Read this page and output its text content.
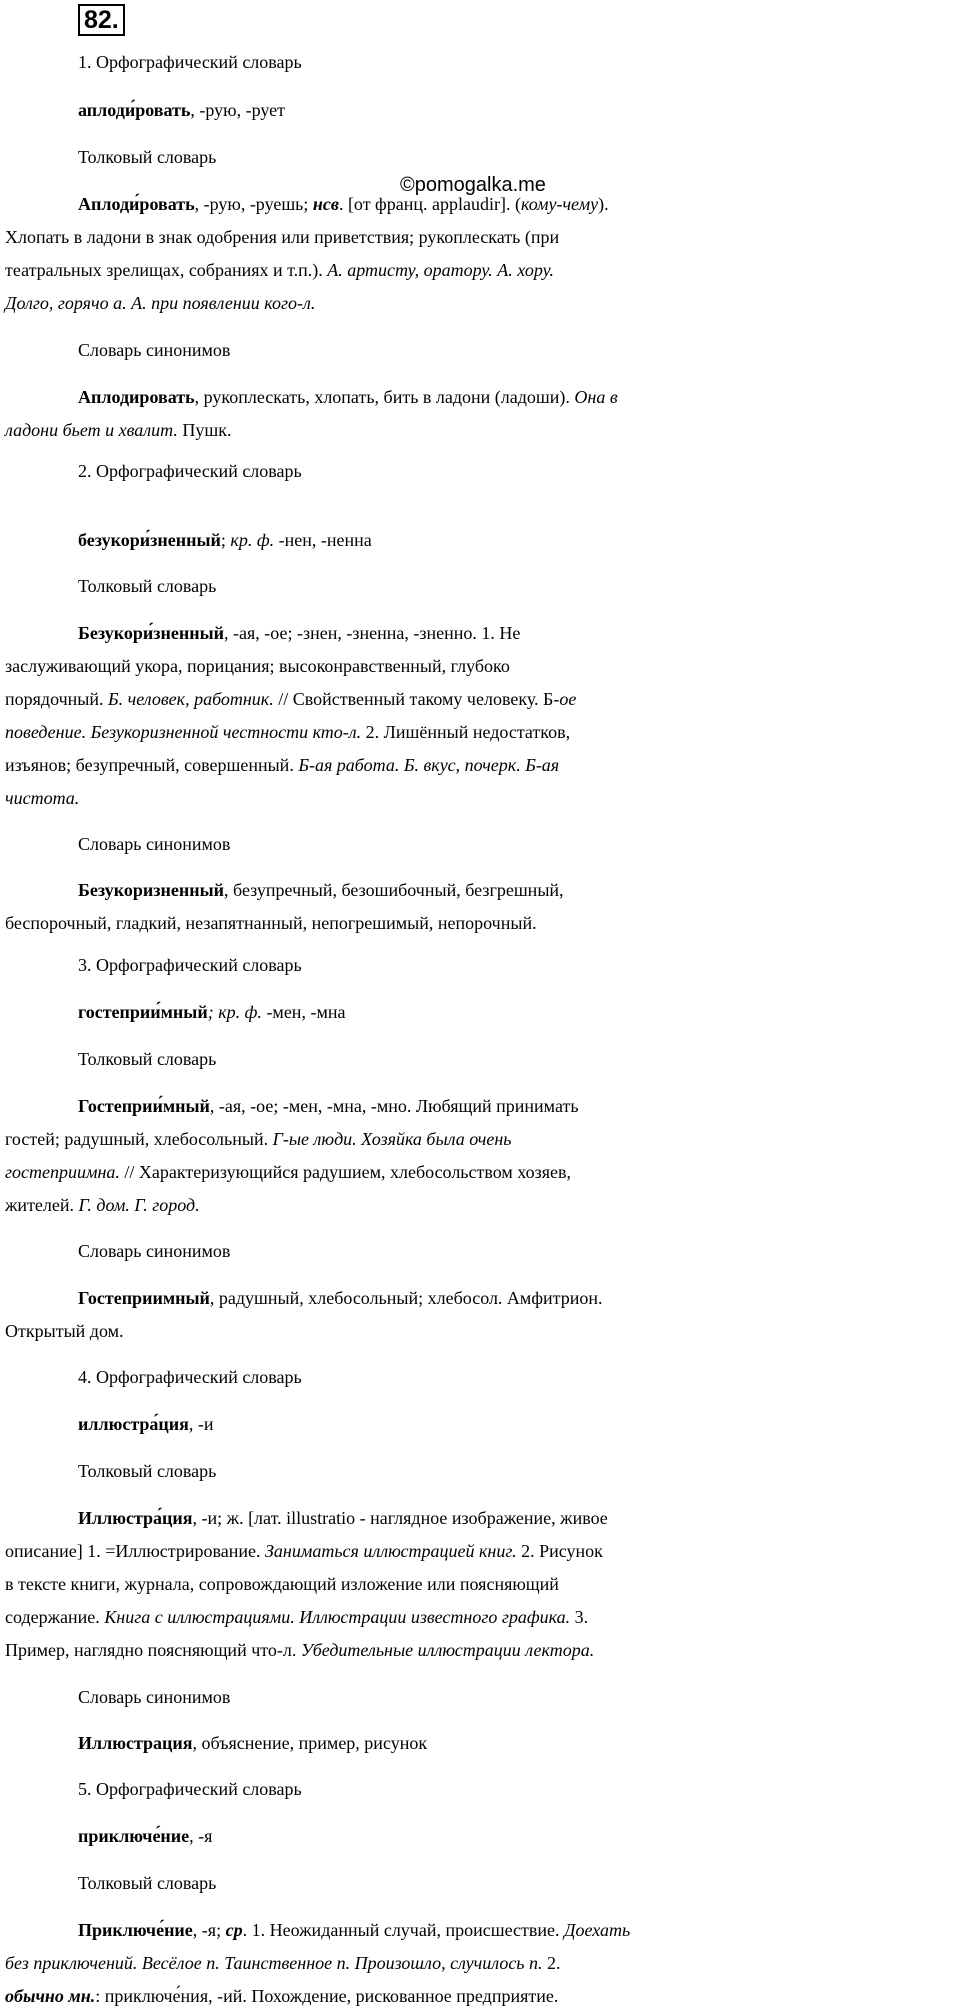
82.
©pomogalka.me
1. Орфографический словарь
аплоди́ровать, -рую, -рует
Толковый словарь
Аплоди́ровать, -рую, -руешь; нсв. [от франц. applaudir]. (кому-чему).
Хлопать в ладони в знак одобрения или приветствия; рукоплескать (при
театральных зрелищах, собраниях и т.п.). А. артисту, оратору. А. хору.
Долго, горячо а. А. при появлении кого-л.
Словарь синонимов
Аплодировать, рукоплескать, хлопать, бить в ладони (ладоши). Она в
ладони бьет и хвалит. Пушк.
2. Орфографический словарь
безукори́зненный; кр. ф. -нен, -ненна
Толковый словарь
Безукори́зненный, -ая, -ое; -знен, -зненна, -зненно. 1. Не
заслуживающий укора, порицания; высоконравственный, глубоко
порядочный. Б. человек, работник. // Свойственный такому человеку. Б-ое
поведение. Безукоризненной честности кто-л. 2. Лишённый недостатков,
изъянов; безупречный, совершенный. Б-ая работа. Б. вкус, почерк. Б-ая
чистота.
Словарь синонимов
Безукоризненный, безупречный, безошибочный, безгрешный,
беспорочный, гладкий, незапятнанный, непогрешимый, непорочный.
3. Орфографический словарь
гостеприи́мный; кр. ф. -мен, -мна
Толковый словарь
Гостеприи́мный, -ая, -ое; -мен, -мна, -мно. Любящий принимать
гостей; радушный, хлебосольный. Г-ые люди. Хозяйка была очень
гостеприимна. // Характеризующийся радушием, хлебосольством хозяев,
жителей. Г. дом. Г. город.
Словарь синонимов
Гостеприимный, радушный, хлебосольный; хлебосол. Амфитрион.
Открытый дом.
4. Орфографический словарь
иллюстра́ция, -и
Толковый словарь
Иллюстра́ция, -и; ж. [лат. illustratio - наглядное изображение, живое
описание] 1. =Иллюстрирование. Заниматься иллюстрацией книг. 2. Рисунок
в тексте книги, журнала, сопровождающий изложение или поясняющий
содержание. Книга с иллюстрациями. Иллюстрации известного графика. 3.
Пример, наглядно поясняющий что-л. Убедительные иллюстрации лектора.
Словарь синонимов
Иллюстрация, объяснение, пример, рисунок
5. Орфографический словарь
приключе́ние, -я
Толковый словарь
Приключе́ние, -я; ср. 1. Неожиданный случай, происшествие. Доехать
без приключений. Весёлое п. Таинственное п. Произошло, случилось п. 2.
обычно мн.: приключе́ния, -ий. Похождение, рискованное предприятие.
